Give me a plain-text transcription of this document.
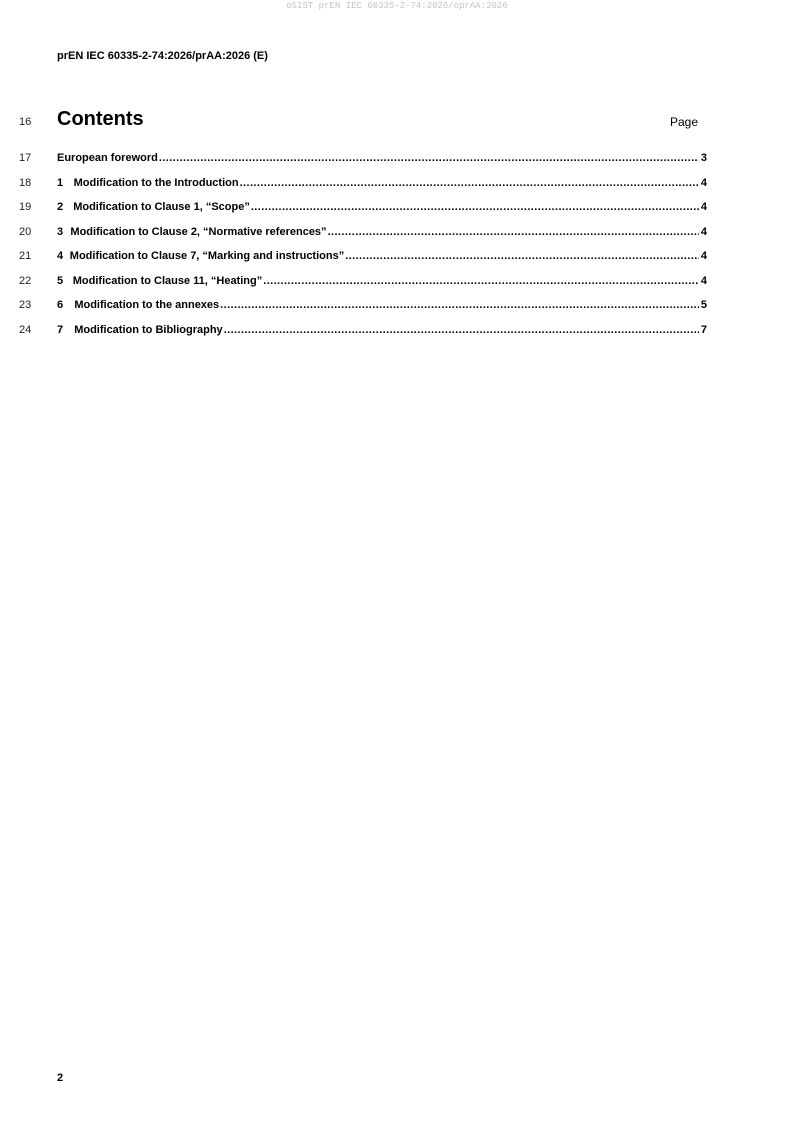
oSIST prEN IEC 60335-2-74:2026/oprAA:2026
prEN IEC 60335-2-74:2026/prAA:2026 (E)
16 Contents	Page
17 European foreword .....	3
18 1 Modification to the Introduction .....	4
19 2 Modification to Clause 1, “Scope” .....	4
20 3 Modification to Clause 2, “Normative references” .....	4
21 4 Modification to Clause 7, “Marking and instructions” .....	4
22 5 Modification to Clause 11, “Heating” .....	4
23 6	Modification to the annexes .....	5
24 7	Modification to Bibliography .....	7
2
